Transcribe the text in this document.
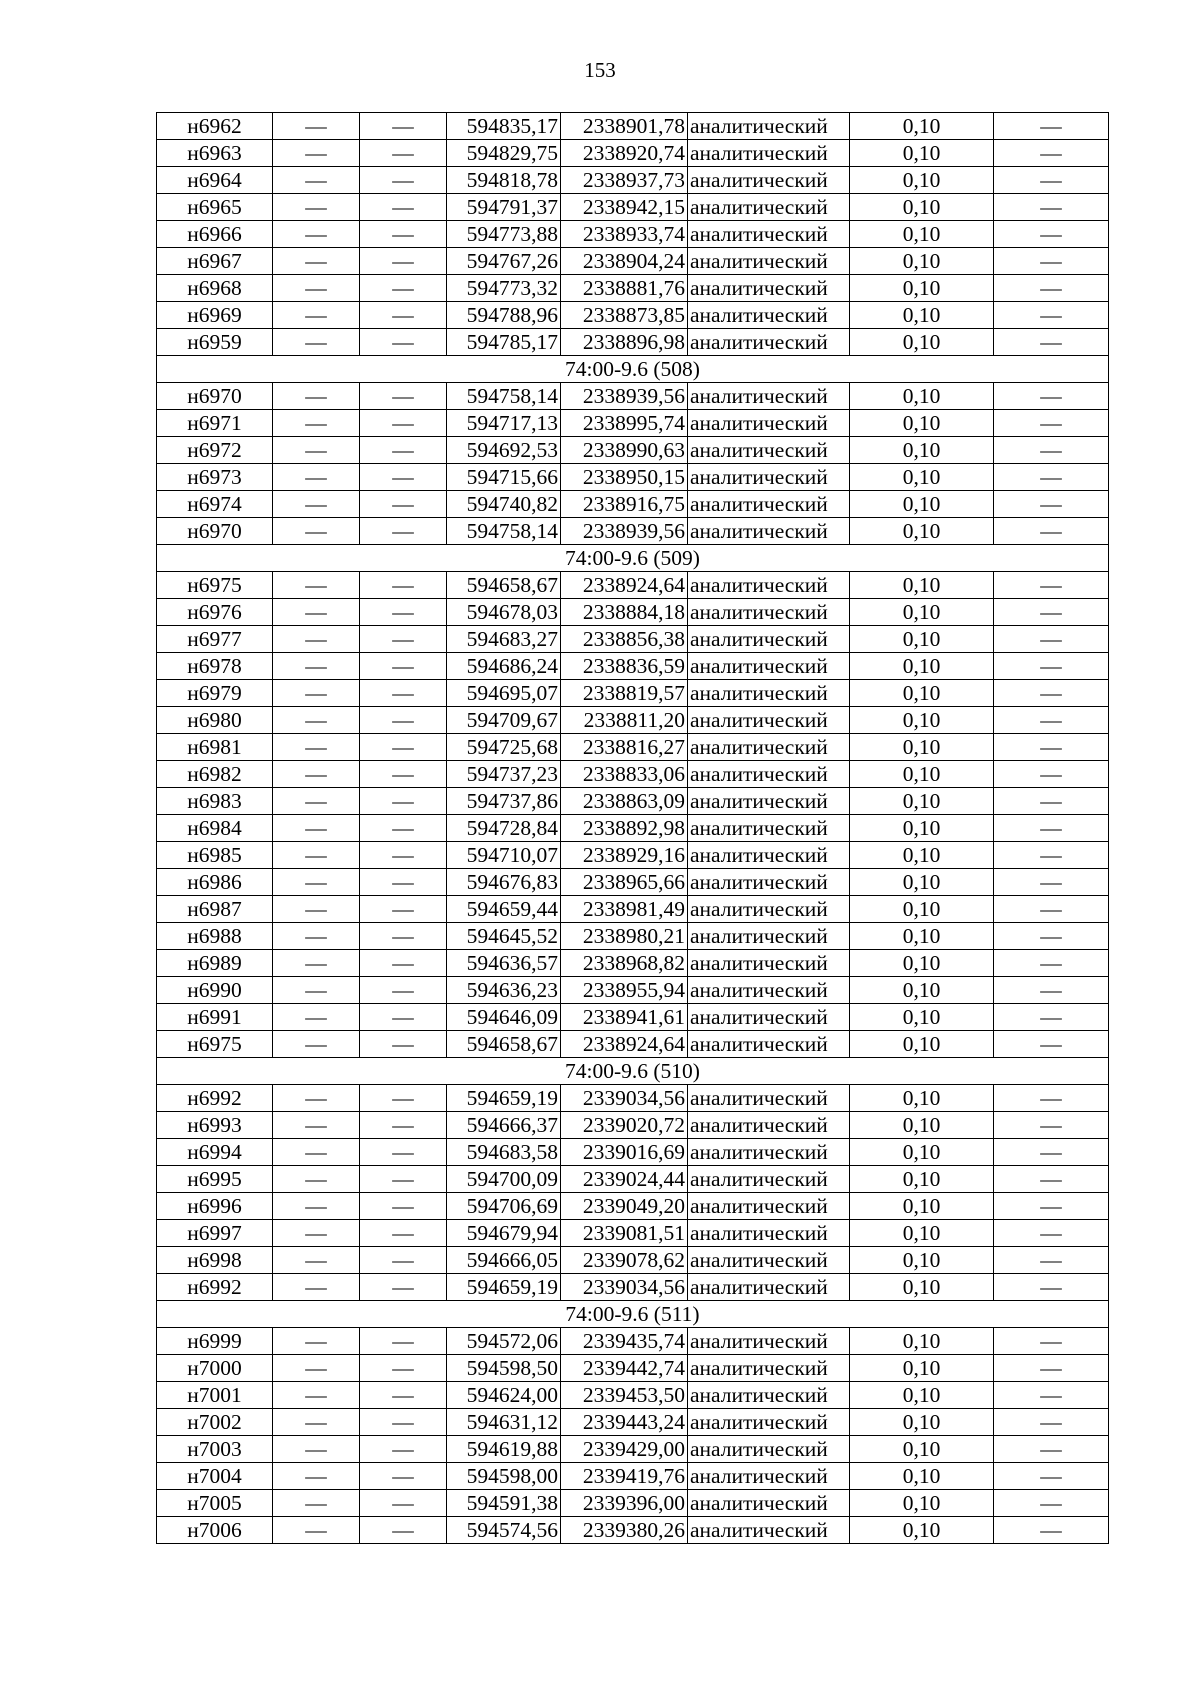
153
н6962	—	—	594835,17	2338901,78	аналитический	0,10	—
н6963	—	—	594829,75	2338920,74	аналитический	0,10	—
н6964	—	—	594818,78	2338937,73	аналитический	0,10	—
н6965	—	—	594791,37	2338942,15	аналитический	0,10	—
н6966	—	—	594773,88	2338933,74	аналитический	0,10	—
н6967	—	—	594767,26	2338904,24	аналитический	0,10	—
н6968	—	—	594773,32	2338881,76	аналитический	0,10	—
н6969	—	—	594788,96	2338873,85	аналитический	0,10	—
н6959	—	—	594785,17	2338896,98	аналитический	0,10	—
74:00-9.6 (508)							
н6970	—	—	594758,14	2338939,56	аналитический	0,10	—
н6971	—	—	594717,13	2338995,74	аналитический	0,10	—
н6972	—	—	594692,53	2338990,63	аналитический	0,10	—
н6973	—	—	594715,66	2338950,15	аналитический	0,10	—
н6974	—	—	594740,82	2338916,75	аналитический	0,10	—
н6970	—	—	594758,14	2338939,56	аналитический	0,10	—
74:00-9.6 (509)							
н6975	—	—	594658,67	2338924,64	аналитический	0,10	—
н6976	—	—	594678,03	2338884,18	аналитический	0,10	—
н6977	—	—	594683,27	2338856,38	аналитический	0,10	—
н6978	—	—	594686,24	2338836,59	аналитический	0,10	—
н6979	—	—	594695,07	2338819,57	аналитический	0,10	—
н6980	—	—	594709,67	2338811,20	аналитический	0,10	—
н6981	—	—	594725,68	2338816,27	аналитический	0,10	—
н6982	—	—	594737,23	2338833,06	аналитический	0,10	—
н6983	—	—	594737,86	2338863,09	аналитический	0,10	—
н6984	—	—	594728,84	2338892,98	аналитический	0,10	—
н6985	—	—	594710,07	2338929,16	аналитический	0,10	—
н6986	—	—	594676,83	2338965,66	аналитический	0,10	—
н6987	—	—	594659,44	2338981,49	аналитический	0,10	—
н6988	—	—	594645,52	2338980,21	аналитический	0,10	—
н6989	—	—	594636,57	2338968,82	аналитический	0,10	—
н6990	—	—	594636,23	2338955,94	аналитический	0,10	—
н6991	—	—	594646,09	2338941,61	аналитический	0,10	—
н6975	—	—	594658,67	2338924,64	аналитический	0,10	—
74:00-9.6 (510)							
н6992	—	—	594659,19	2339034,56	аналитический	0,10	—
н6993	—	—	594666,37	2339020,72	аналитический	0,10	—
н6994	—	—	594683,58	2339016,69	аналитический	0,10	—
н6995	—	—	594700,09	2339024,44	аналитический	0,10	—
н6996	—	—	594706,69	2339049,20	аналитический	0,10	—
н6997	—	—	594679,94	2339081,51	аналитический	0,10	—
н6998	—	—	594666,05	2339078,62	аналитический	0,10	—
н6992	—	—	594659,19	2339034,56	аналитический	0,10	—
74:00-9.6 (511)							
н6999	—	—	594572,06	2339435,74	аналитический	0,10	—
н7000	—	—	594598,50	2339442,74	аналитический	0,10	—
н7001	—	—	594624,00	2339453,50	аналитический	0,10	—
н7002	—	—	594631,12	2339443,24	аналитический	0,10	—
н7003	—	—	594619,88	2339429,00	аналитический	0,10	—
н7004	—	—	594598,00	2339419,76	аналитический	0,10	—
н7005	—	—	594591,38	2339396,00	аналитический	0,10	—
н7006	—	—	594574,56	2339380,26	аналитический	0,10	—
